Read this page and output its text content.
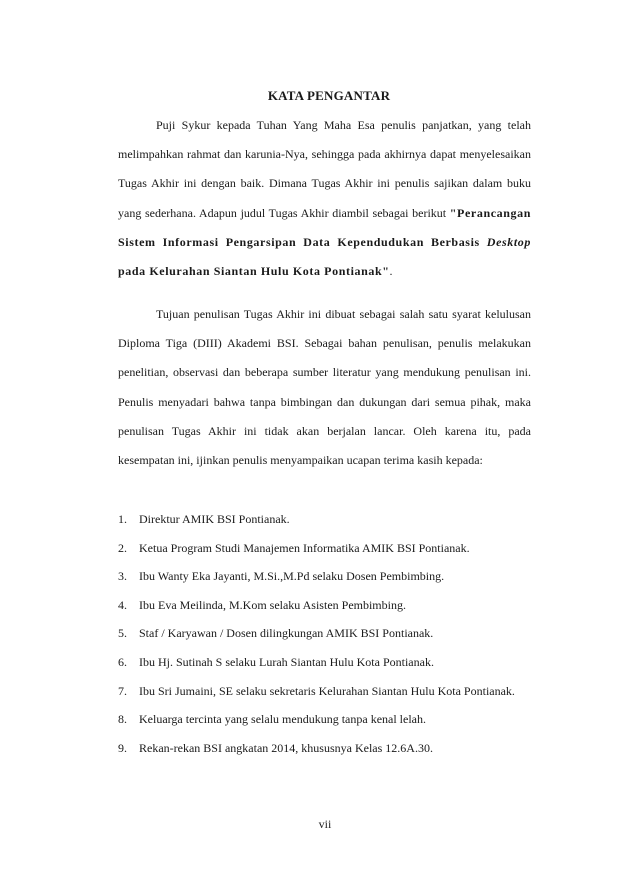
KATA PENGANTAR

Puji Sykur kepada Tuhan Yang Maha Esa penulis panjatkan, yang telah melimpahkan rahmat dan karunia-Nya, sehingga pada akhirnya dapat menyelesaikan Tugas Akhir ini dengan baik. Dimana Tugas Akhir ini penulis sajikan dalam buku yang sederhana. Adapun judul Tugas Akhir diambil sebagai berikut "Perancangan Sistem Informasi Pengarsipan Data Kependudukan Berbasis Desktop pada Kelurahan Siantan Hulu Kota Pontianak".

Tujuan penulisan Tugas Akhir ini dibuat sebagai salah satu syarat kelulusan Diploma Tiga (DIII) Akademi BSI. Sebagai bahan penulisan, penulis melakukan penelitian, observasi dan beberapa sumber literatur yang mendukung penulisan ini. Penulis menyadari bahwa tanpa bimbingan dan dukungan dari semua pihak, maka penulisan Tugas Akhir ini tidak akan berjalan lancar. Oleh karena itu, pada kesempatan ini, ijinkan penulis menyampaikan ucapan terima kasih kepada:

1. Direktur AMIK BSI Pontianak.
2. Ketua Program Studi Manajemen Informatika AMIK BSI Pontianak.
3. Ibu Wanty Eka Jayanti, M.Si.,M.Pd selaku Dosen Pembimbing.
4. Ibu Eva Meilinda, M.Kom selaku Asisten Pembimbing.
5. Staf / Karyawan / Dosen dilingkungan AMIK BSI Pontianak.
6. Ibu Hj. Sutinah S selaku Lurah Siantan Hulu Kota Pontianak.
7. Ibu Sri Jumaini, SE selaku sekretaris Kelurahan Siantan Hulu Kota Pontianak.
8. Keluarga tercinta yang selalu mendukung tanpa kenal lelah.
9. Rekan-rekan BSI angkatan 2014, khususnya Kelas 12.6A.30.
vii
